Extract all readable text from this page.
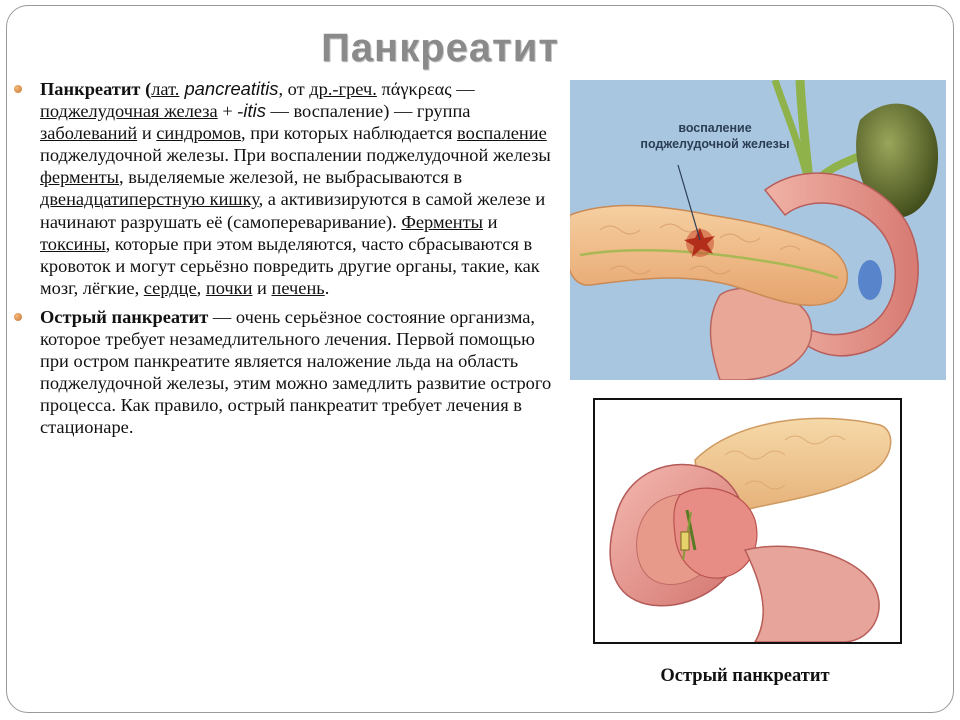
Панкреатит

Панкреатит (лат. pancreatitis, от др.-греч. πάγκρεας — поджелудочная железа + -itis — воспаление) — группа заболеваний и синдромов, при которых наблюдается воспаление поджелудочной железы. При воспалении поджелудочной железы ферменты, выделяемые железой, не выбрасываются в двенадцатиперстную кишку, а активизируются в самой железе и начинают разрушать её (самопереваривание). Ферменты и токсины, которые при этом выделяются, часто сбрасываются в кровоток и могут серьёзно повредить другие органы, такие, как мозг, лёгкие, сердце, почки и печень.

Острый панкреатит — очень серьёзное состояние организма, которое требует незамедлительного лечения. Первой помощью при остром панкреатите является наложение льда на область поджелудочной железы, этим можно замедлить развитие острого процесса. Как правило, острый панкреатит требует лечения в стационаре.

воспаление поджелудочной железы
Острый панкреатит
